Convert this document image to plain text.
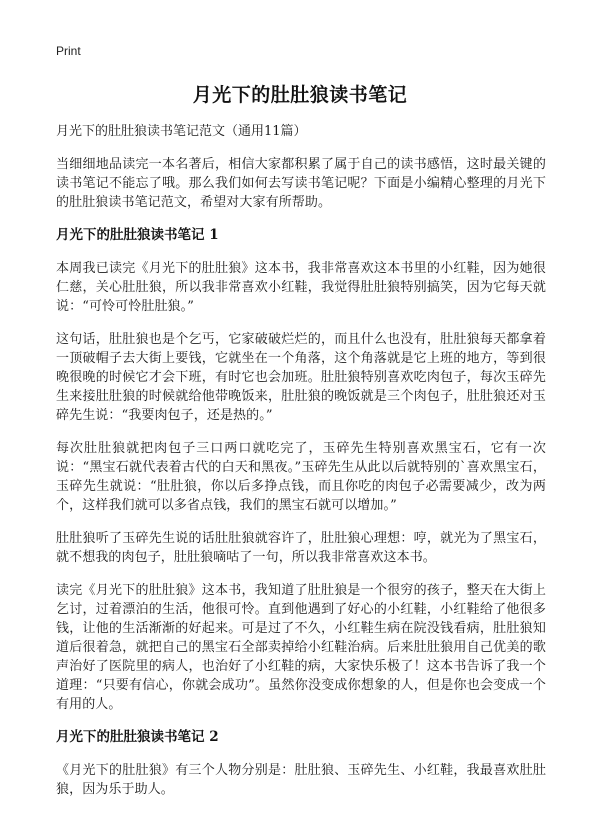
Print
月光下的肚肚狼读书笔记
月光下的肚肚狼读书笔记范文（通用11篇）

当细细地品读完一本名著后，相信大家都积累了属于自己的读书感悟，这时最关键的读书笔记不能忘了哦。那么我们如何去写读书笔记呢？下面是小编精心整理的月光下的肚肚狼读书笔记范文，希望对大家有所帮助。

月光下的肚肚狼读书笔记 1

本周我已读完《月光下的肚肚狼》这本书，我非常喜欢这本书里的小红鞋，因为她很仁慈，关心肚肚狼，所以我非常喜欢小红鞋，我觉得肚肚狼特别搞笑，因为它每天就说：“可怜可怜肚肚狼。”

这句话，肚肚狼也是个乞丐，它家破破烂烂的，而且什么也没有，肚肚狼每天都拿着一顶破帽子去大街上要钱，它就坐在一个角落，这个角落就是它上班的地方，等到很晚很晚的时候它才会下班，有时它也会加班。肚肚狼特别喜欢吃肉包子，每次玉碎先生来接肚肚狼的时候就给他带晚饭来，肚肚狼的晚饭就是三个肉包子，肚肚狼还对玉碎先生说：“我要肉包子，还是热的。”

每次肚肚狼就把肉包子三口两口就吃完了，玉碎先生特别喜欢黑宝石，它有一次说：“黑宝石就代表着古代的白天和黑夜。”玉碎先生从此以后就特别的`喜欢黑宝石，玉碎先生就说：“肚肚狼，你以后多挣点钱，而且你吃的肉包子必需要减少，改为两个，这样我们就可以多省点钱，我们的黑宝石就可以增加。”

肚肚狼听了玉碎先生说的话肚肚狼就容许了，肚肚狼心理想：哼，就光为了黑宝石，就不想我的肉包子，肚肚狼嘀咕了一句，所以我非常喜欢这本书。

读完《月光下的肚肚狼》这本书，我知道了肚肚狼是一个很穷的孩子，整天在大街上乞讨，过着漂泊的生活，他很可怜。直到他遇到了好心的小红鞋，小红鞋给了他很多钱，让他的生活渐渐的好起来。可是过了不久，小红鞋生病在院没钱看病，肚肚狼知道后很着急，就把自己的黑宝石全部卖掉给小红鞋治病。后来肚肚狼用自己优美的歌声治好了医院里的病人，也治好了小红鞋的病，大家快乐极了！这本书告诉了我一个道理：“只要有信心，你就会成功”。虽然你没变成你想象的人，但是你也会变成一个有用的人。

月光下的肚肚狼读书笔记 2

《月光下的肚肚狼》有三个人物分别是：肚肚狼、玉碎先生、小红鞋，我最喜欢肚肚狼，因为乐于助人。
